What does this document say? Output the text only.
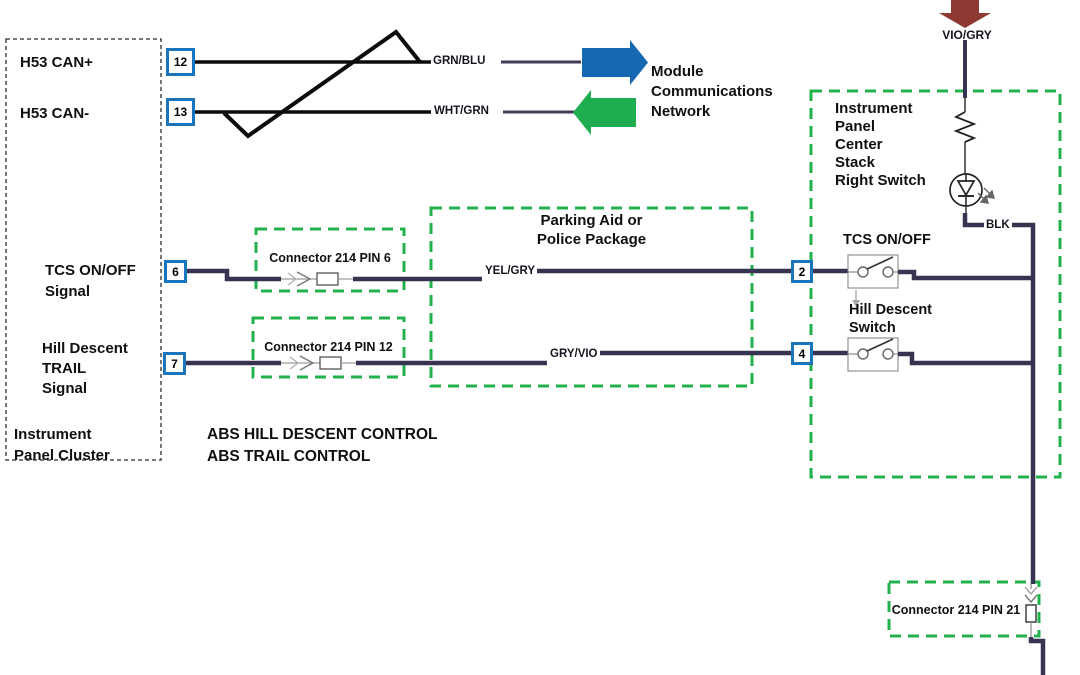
H53 CAN+
H53 CAN-
TCS ON/OFF
Signal
Hill Descent
TRAIL
Signal
Instrument
Panel Cluster
12
13
6
7
2
4
GRN/BLU
WHT/GRN
YEL/GRY
GRY/VIO
BLK
VIO/GRY
Module
Communications
Network
Connector 214 PIN 6
Connector 214 PIN 12
Connector 214 PIN 21
Parking Aid or
Police Package
Instrument
Panel
Center
Stack
Right Switch
TCS ON/OFF
Hill Descent
Switch
ABS HILL DESCENT CONTROL
ABS TRAIL CONTROL
